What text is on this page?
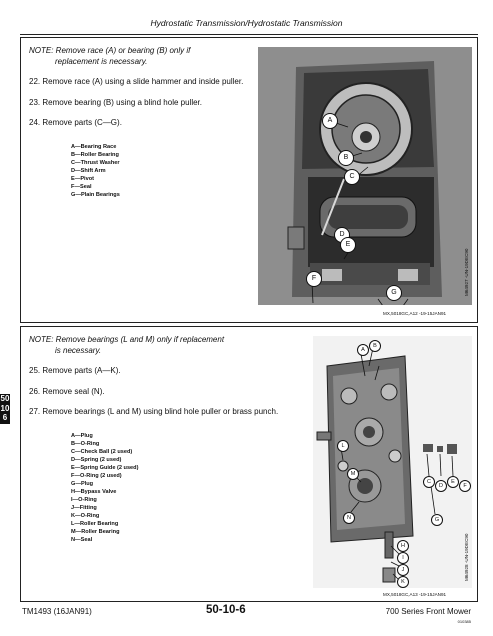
Hydrostatic Transmission/Hydrostatic Transmission
NOTE: Remove race (A) or bearing (B) only if
replacement is necessary.
22. Remove race (A) using a slide hammer and inside puller.
23. Remove bearing (B) using a blind hole puller.
24. Remove parts (C—G).
A—Bearing Race
B—Roller Bearing
C—Thrust Washer
D—Shift Arm
E—Pivot
F—Seal
G—Plain Bearings
A
B
C
D
E
F
G	M64927 -UN-19DEC90
MX,5018GC,A12 -19-15JAN91
NOTE: Remove bearings (L and M) only if replacement
is necessary.
25. Remove parts (A—K).
26. Remove seal (N).
27. Remove bearings (L and M) using blind hole puller or brass punch.
A—Plug
B—O-Ring
C—Check Ball (2 used)
D—Spring (2 used)
E—Spring Guide (2 used)
F—O-Ring (2 used)
G—Plug
H—Bypass Valve
I—O-Ring
J—Fitting
K—O-Ring
L—Roller Bearing
M—Roller Bearing
N—Seal
A
B
C
D
E
F
G
H
I
J
K
L
M
N
M64928 -UN-19DEC90
MX,5018GC,A13 -19-15JAN91
50
10
6
TM1493 (16JAN91)	50-10-6	700 Series Front Mower
010385
